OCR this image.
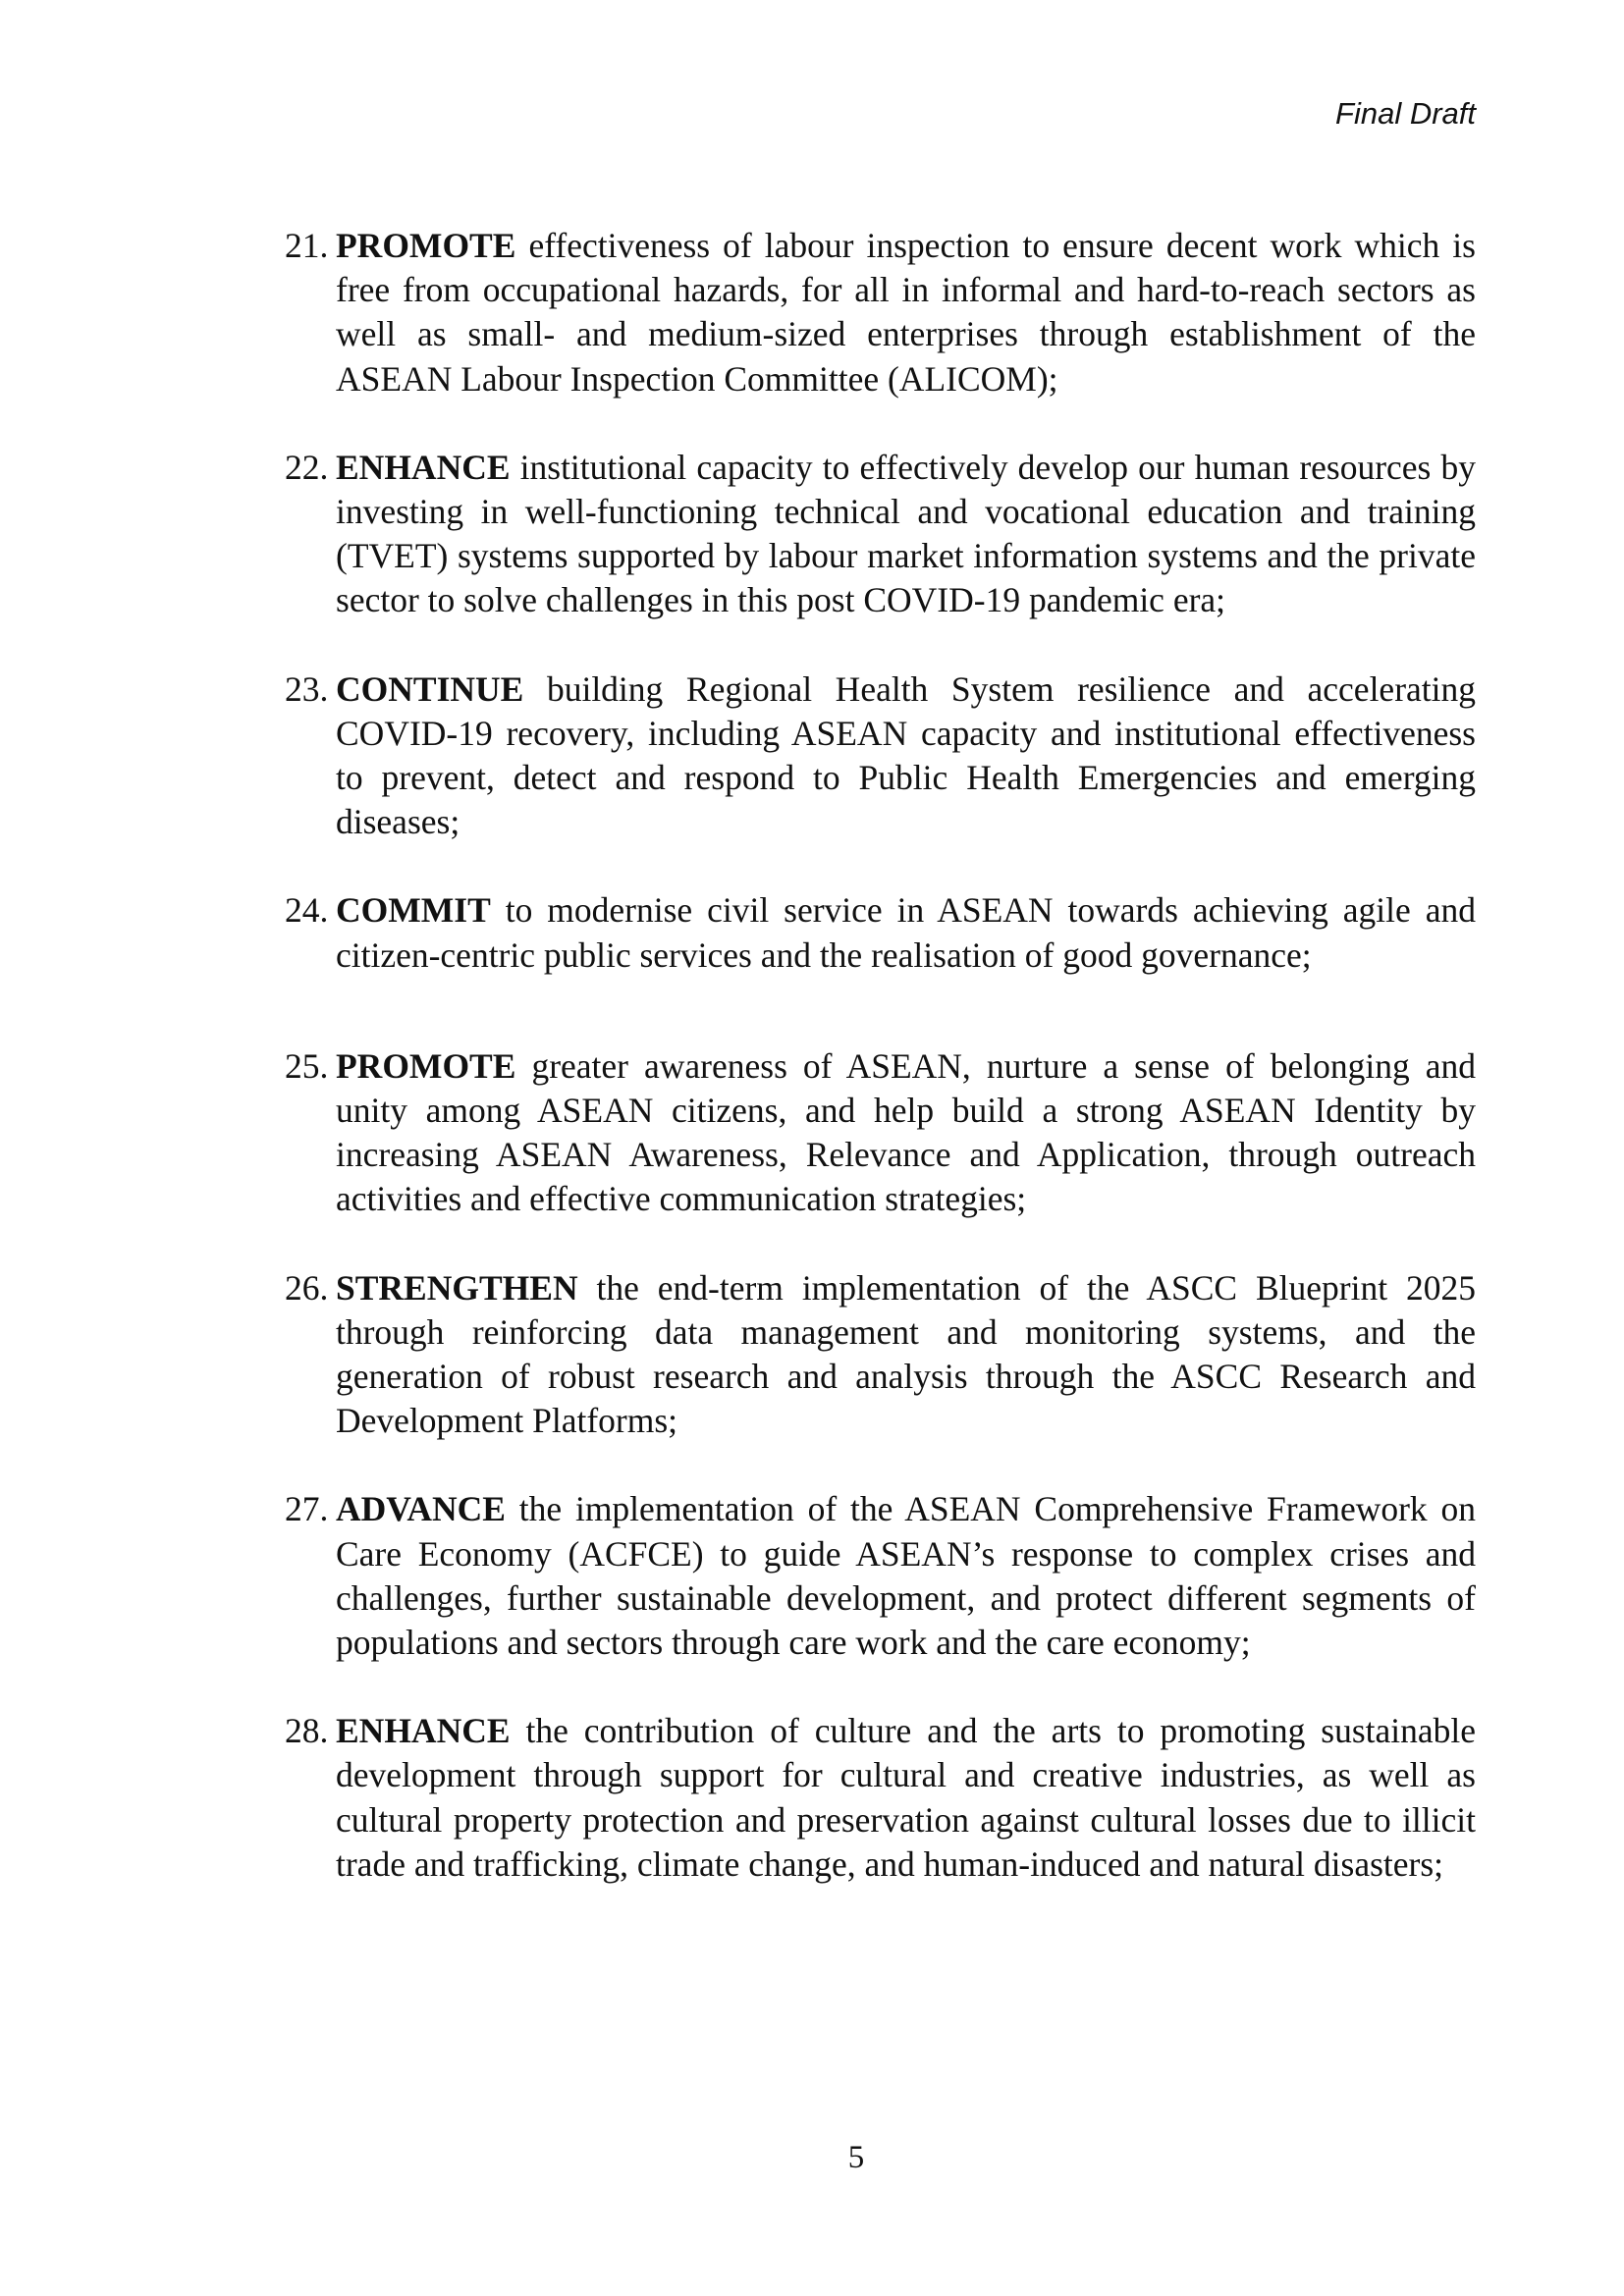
Final Draft
21. PROMOTE effectiveness of labour inspection to ensure decent work which is free from occupational hazards, for all in informal and hard-to-reach sectors as well as small- and medium-sized enterprises through establishment of the ASEAN Labour Inspection Committee (ALICOM);
22. ENHANCE institutional capacity to effectively develop our human resources by investing in well-functioning technical and vocational education and training (TVET) systems supported by labour market information systems and the private sector to solve challenges in this post COVID-19 pandemic era;
23. CONTINUE building Regional Health System resilience and accelerating COVID-19 recovery, including ASEAN capacity and institutional effectiveness to prevent, detect and respond to Public Health Emergencies and emerging diseases;
24. COMMIT to modernise civil service in ASEAN towards achieving agile and citizen-centric public services and the realisation of good governance;
25. PROMOTE greater awareness of ASEAN, nurture a sense of belonging and unity among ASEAN citizens, and help build a strong ASEAN Identity by increasing ASEAN Awareness, Relevance and Application, through outreach activities and effective communication strategies;
26. STRENGTHEN the end-term implementation of the ASCC Blueprint 2025 through reinforcing data management and monitoring systems, and the generation of robust research and analysis through the ASCC Research and Development Platforms;
27. ADVANCE the implementation of the ASEAN Comprehensive Framework on Care Economy (ACFCE) to guide ASEAN’s response to complex crises and challenges, further sustainable development, and protect different segments of populations and sectors through care work and the care economy;
28. ENHANCE the contribution of culture and the arts to promoting sustainable development through support for cultural and creative industries, as well as cultural property protection and preservation against cultural losses due to illicit trade and trafficking, climate change, and human-induced and natural disasters;
5
